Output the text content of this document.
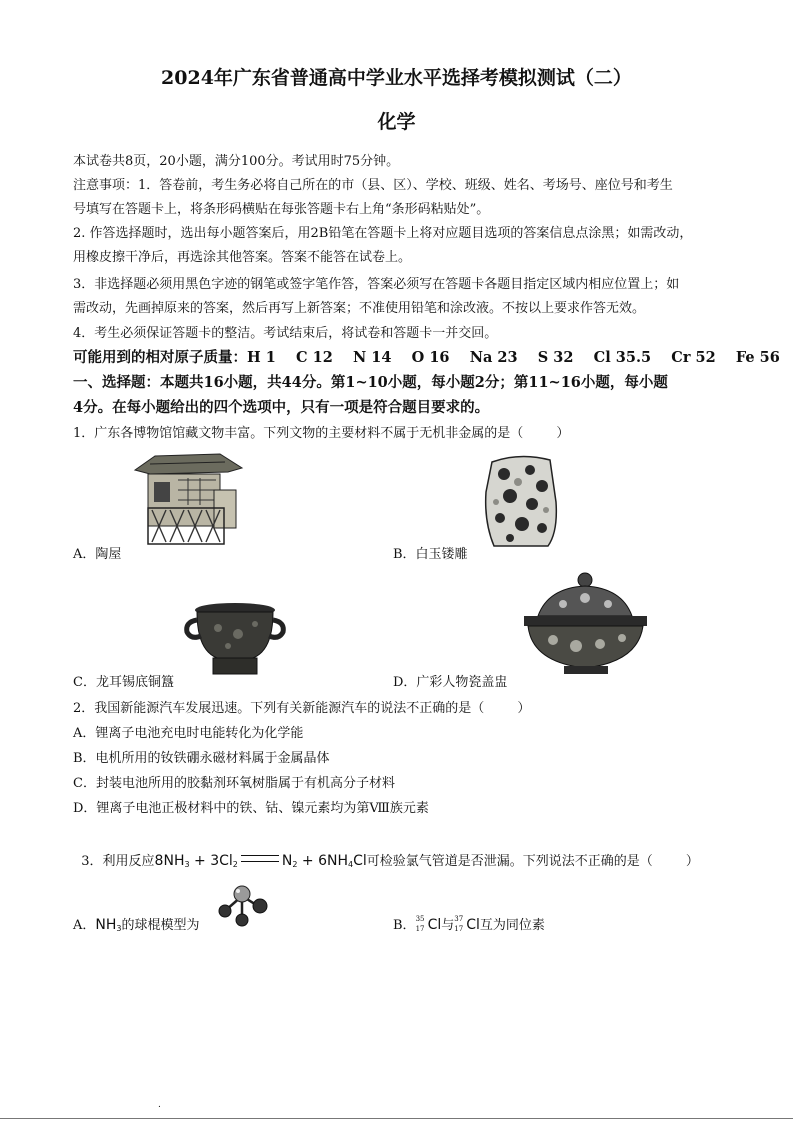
2024年广东省普通高中学业水平选择考模拟测试（二）
化学
本试卷共8页，20小题，满分100分。考试用时75分钟。
注意事项：1．答卷前，考生务必将自己所在的市（县、区）、学校、班级、姓名、考场号、座位号和考生
号填写在答题卡上，将条形码横贴在每张答题卡右上角“条形码粘贴处”。
2. 作答选择题时，选出每小题答案后，用2B铅笔在答题卡上将对应题目选项的答案信息点涂黑；如需改动，
用橡皮擦干净后，再选涂其他答案。答案不能答在试卷上。
3．非选择题必须用黑色字迹的钢笔或签字笔作答，答案必须写在答题卡各题目指定区域内相应位置上；如
需改动，先画掉原来的答案，然后再写上新答案；不准使用铅笔和涂改液。不按以上要求作答无效。
4．考生必须保证答题卡的整洁。考试结束后，将试卷和答题卡一并交回。
可能用到的相对原子质量：H 1    C 12    N 14    O 16    Na 23    S 32    Cl 35.5    Cr 52    Fe 56
一、选择题：本题共16小题，共44分。第1~10小题，每小题2分；第11~16小题，每小题
4分。在每小题给出的四个选项中，只有一项是符合题目要求的。
1．广东各博物馆馆藏文物丰富。下列文物的主要材料不属于无机非金属的是（        ）
A．陶屋	B．白玉镂雕
C．龙耳锡底铜簋	D．广彩人物瓷盖盅
2．我国新能源汽车发展迅速。下列有关新能源汽车的说法不正确的是（        ）
A．锂离子电池充电时电能转化为化学能
B．电机所用的钕铁硼永磁材料属于金属晶体
C．封装电池所用的胶黏剂环氧树脂属于有机高分子材料
D．锂离子电池正极材料中的铁、钴、镍元素均为第Ⅷ族元素

3．利用反应$8NH_3 + 3Cl_2$	$N_2 + 6NH_4Cl$可检验氯气管道是否泄漏。下列说法不正确的是（        ）

A．$NH_3$的球棍模型为	B． 35
17 Cl与 37
17 Cl互为同位素
.
